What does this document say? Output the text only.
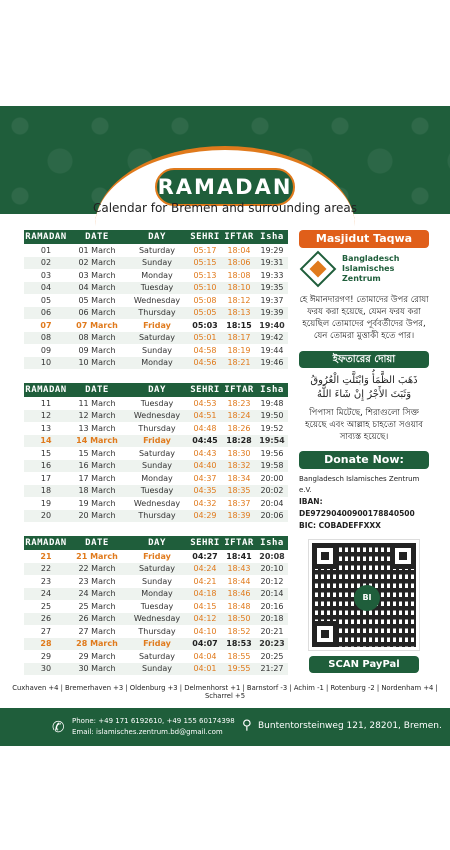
RAMADAN
Calendar for Bremen and surrounding areas
RAMADAN	DATE	DAY	SEHRI	IFTAR	Isha
01	01 March	Saturday	05:17	18:04	19:29
02	02 March	Sunday	05:15	18:06	19:31
03	03 March	Monday	05:13	18:08	19:33
04	04 March	Tuesday	05:10	18:10	19:35
05	05 March	Wednesday	05:08	18:12	19:37
06	06 March	Thursday	05:05	18:13	19:39
07	07 March	Friday	05:03	18:15	19:40
08	08 March	Saturday	05:01	18:17	19:42
09	09 March	Sunday	04:58	18:19	19:44
10	10 March	Monday	04:56	18:21	19:46
RAMADAN	DATE	DAY	SEHRI	IFTAR	Isha
11	11 March	Tuesday	04:53	18:23	19:48
12	12 March	Wednesday	04:51	18:24	19:50
13	13 March	Thursday	04:48	18:26	19:52
14	14 March	Friday	04:45	18:28	19:54
15	15 March	Saturday	04:43	18:30	19:56
16	16 March	Sunday	04:40	18:32	19:58
17	17 March	Monday	04:37	18:34	20:00
18	18 March	Tuesday	04:35	18:35	20:02
19	19 March	Wednesday	04:32	18:37	20:04
20	20 March	Thursday	04:29	18:39	20:06
RAMADAN	DATE	DAY	SEHRI	IFTAR	Isha
21	21 March	Friday	04:27	18:41	20:08
22	22 March	Saturday	04:24	18:43	20:10
23	23 March	Sunday	04:21	18:44	20:12
24	24 March	Monday	04:18	18:46	20:14
25	25 March	Tuesday	04:15	18:48	20:16
26	26 March	Wednesday	04:12	18:50	20:18
27	27 March	Thursday	04:10	18:52	20:21
28	28 March	Friday	04:07	18:53	20:23
29	29 March	Saturday	04:04	18:55	20:25
30	30 March	Sunday	04:01	19:55	21:27
Masjidut Taqwa
Bangladesch
Islamisches
Zentrum
হে ঈমানদারগণ! তোমাদের উপর রোযা ফরয করা হয়েছে, যেমন ফরয করা হয়েছিল তোমাদের পূর্ববর্তীদের উপর, যেন তোমরা মুত্তাকী হতে পার।
ইফতারের দোয়া
ذَهَبَ الظَّمَأُ وَابْتَلَّتِ الْعُرُوقُ وَثَبَتَ الأَجْرُ إِنْ شَاءَ اللَّهُ
পিপাসা মিটেছে, শিরাগুলো সিক্ত হয়েছে এবং আল্লাহ চাহতো সওয়াব সাব্যস্ত হয়েছে।
Donate Now:
Bangladesch Islamisches Zentrum e.V.
IBAN: DE97290400900178840500
BIC: COBADEFFXXX
BI
SCAN PayPal
Cuxhaven +4 | Bremerhaven +3 | Oldenburg +3 | Delmenhorst +1 | Barnstorf -3 | Achim -1 | Rotenburg -2 | Nordenham +4 | Scharrel +5
✆ Phone: +49 171 6192610, +49 155 60174398
Email: islamisches.zentrum.bd@gmail.com	⚲ Buntentorsteinweg 121, 28201, Bremen.
